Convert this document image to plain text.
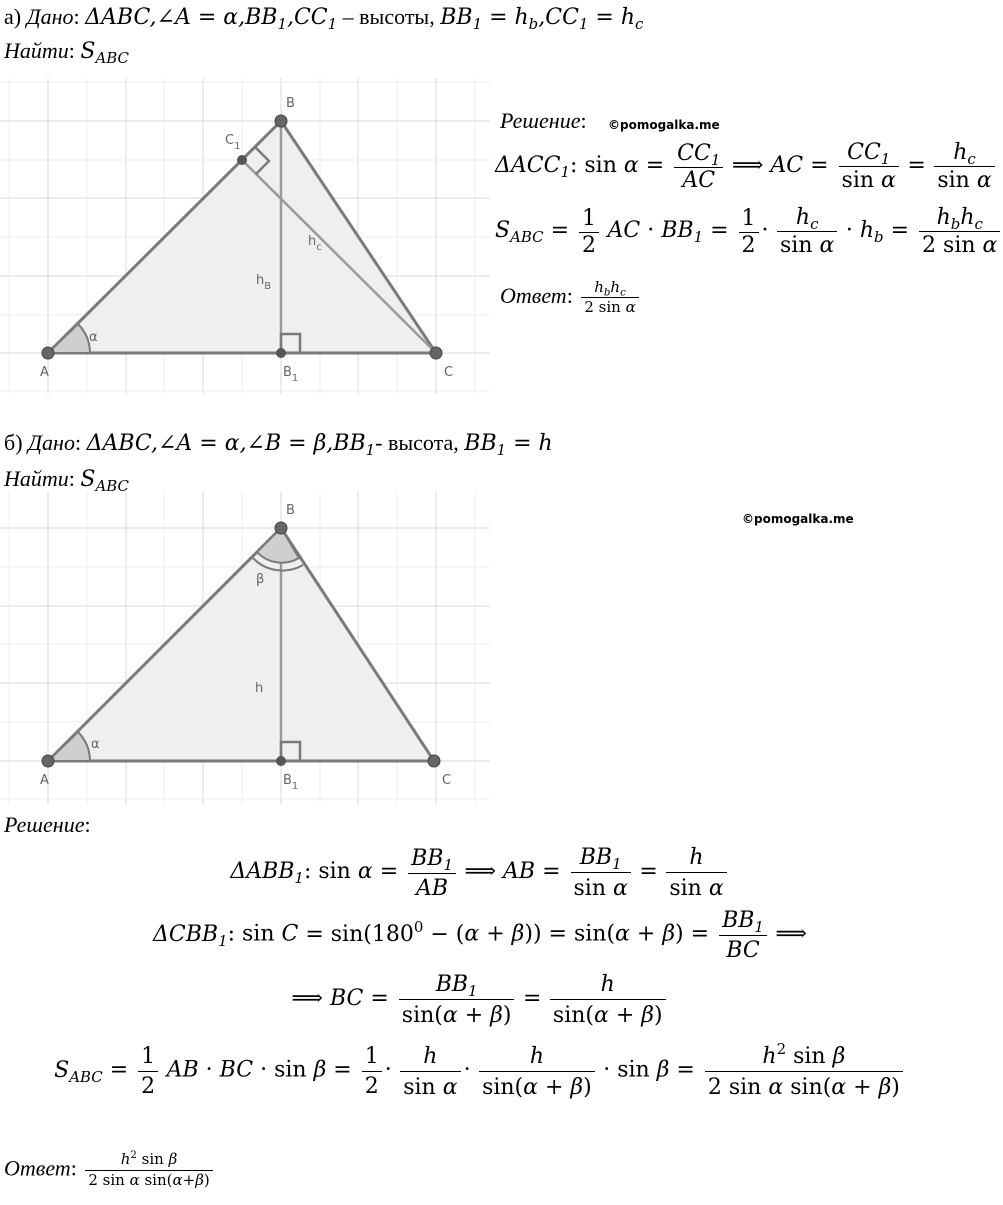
а) Дано: ΔABC,∠A = $\alpha,BB_1,CC_1$ – высоты, $BB_1 = h_b,CC_1 = h_c$
Найти: $S_{ABC}$
A
B
C
$B_1$
$C_1$
α
$h_B$
$h_c$
Решение: ©pomogalka.me
$\Delta ACC_1$: $\sin \alpha = \frac{CC_1}{AC}$ ⟹ AC = $\frac{CC_1}{\text{sin α}} = \frac{h_c}{\text{sin α}}$
$S_{ABC} = \frac{1}{2}$ AC · $BB_1 = \frac{1}{2} \cdot \frac{h_c}{\text{sin α}} \cdot h_b = \frac{h_bh_c}{\text{2 sin α}}$
Ответ: $\frac{h_bh_c}{\text{2 sin α}}$
б) Дано: ΔABC,∠A = α,∠B = $\beta,BB_1-$ высота, $BB_1 = h$
Найти: $S_{ABC}$
©pomogalka.me
A
B
C
$B_1$
α
β
h
Решение:
$\Delta ABB_1$: $\sin \alpha = \frac{BB_1}{AB}$ ⟹ AB = $\frac{BB_1}{\text{sin α}} = \frac{h}{\text{sin α}}$
$\Delta CBB_1$: $\sin C = \sin(180^0 - (\alpha + \beta)) = \sin(\alpha + \beta) = \frac{BB_1}{BC}$ ⟹
⟹ BC = $\frac{BB_1}{\sin(\alpha + \beta)} = \frac{h}{\sin(\alpha + \beta)}$
$S_{ABC} = \frac{1}{2}$ AB · BC · $\sin \beta = \frac{1}{2} \cdot \frac{h}{\text{sin α}} \cdot \frac{h}{\sin(\alpha + \beta)} \cdot \sin \beta = \frac{h^2 \sin \beta}{\text{2 sin α sin(α + β)}}$
Ответ: $\frac{h^2 \sin \beta}{\text{2 sin α sin(α+β)}}$
